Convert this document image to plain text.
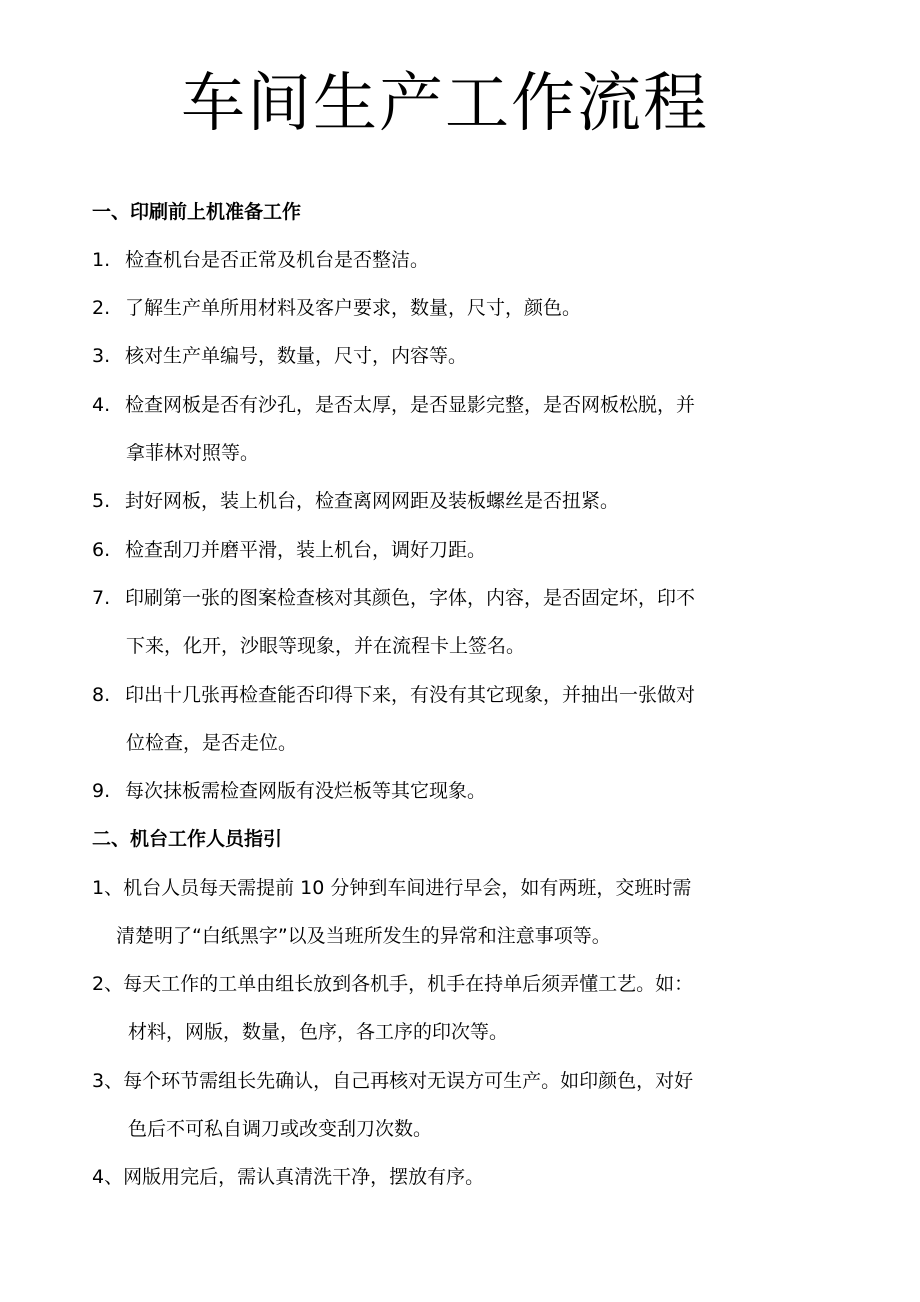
车间生产工作流程
一、印刷前上机准备工作

1. 检查机台是否正常及机台是否整洁。

2. 了解生产单所用材料及客户要求，数量，尺寸，颜色。

3. 核对生产单编号，数量，尺寸，内容等。

4. 检查网板是否有沙孔，是否太厚，是否显影完整，是否网板松脱，并

拿菲林对照等。

5. 封好网板，装上机台，检查离网网距及装板螺丝是否扭紧。

6. 检查刮刀并磨平滑，装上机台，调好刀距。

7. 印刷第一张的图案检查核对其颜色，字体，内容，是否固定坏，印不

下来，化开，沙眼等现象，并在流程卡上签名。

8. 印出十几张再检查能否印得下来，有没有其它现象，并抽出一张做对

位检查，是否走位。

9. 每次抹板需检查网版有没烂板等其它现象。

二、机台工作人员指引

1、机台人员每天需提前 10 分钟到车间进行早会，如有两班，交班时需

清楚明了“白纸黑字”以及当班所发生的异常和注意事项等。

2、每天工作的工单由组长放到各机手，机手在持单后须弄懂工艺。如：

材料，网版，数量，色序，各工序的印次等。

3、每个环节需组长先确认，自己再核对无误方可生产。如印颜色，对好

色后不可私自调刀或改变刮刀次数。

4、网版用完后，需认真清洗干净，摆放有序。
